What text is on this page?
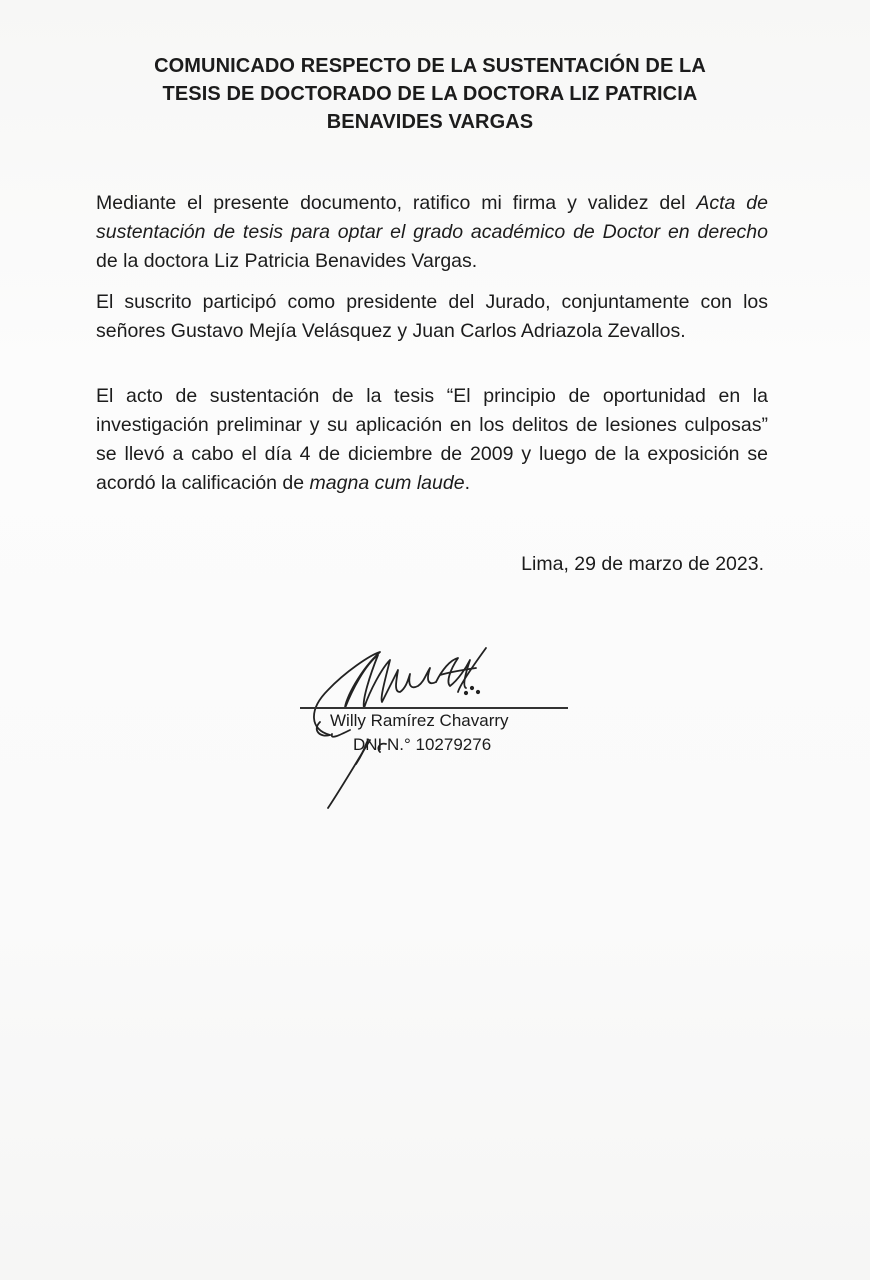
COMUNICADO RESPECTO DE LA SUSTENTACIÓN DE LA
TESIS DE DOCTORADO DE LA DOCTORA LIZ PATRICIA
BENAVIDES VARGAS

Mediante el presente documento, ratifico mi firma y validez del Acta de sustentación de tesis para optar el grado académico de Doctor en derecho de la doctora Liz Patricia Benavides Vargas.

El suscrito participó como presidente del Jurado, conjuntamente con los señores Gustavo Mejía Velásquez y Juan Carlos Adriazola Zevallos.

El acto de sustentación de la tesis “El principio de oportunidad en la investigación preliminar y su aplicación en los delitos de lesiones culposas” se llevó a cabo el día 4 de diciembre de 2009 y luego de la exposición se acordó la calificación de magna cum laude.

Lima, 29 de marzo de 2023.
Willy Ramírez Chavarry
DNI N.° 10279276
